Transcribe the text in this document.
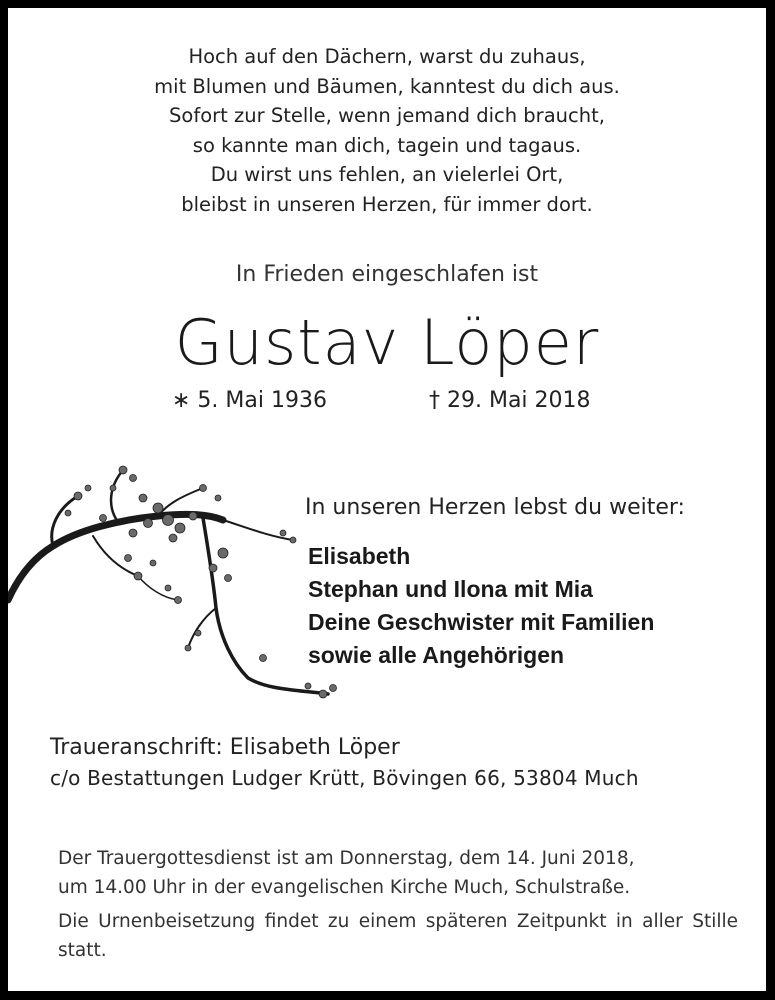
Hoch auf den Dächern, warst du zuhaus,
mit Blumen und Bäumen, kanntest du dich aus.
Sofort zur Stelle, wenn jemand dich braucht,
so kannte man dich, tagein und tagaus.
Du wirst uns fehlen, an vielerlei Ort,
bleibst in unseren Herzen, für immer dort.
In Frieden eingeschlafen ist
Gustav Löper
∗ 5. Mai 1936	† 29. Mai 2018
In unseren Herzen lebst du weiter:
Elisabeth
Stephan und Ilona mit Mia
Deine Geschwister mit Familien
sowie alle Angehörigen
Traueranschrift: Elisabeth Löper
c/o Bestattungen Ludger Krütt, Bövingen 66, 53804 Much
Der Trauergottesdienst ist am Donnerstag, dem 14. Juni 2018,
um 14.00 Uhr in der evangelischen Kirche Much, Schulstraße.
Die Urnenbeisetzung findet zu einem späteren Zeitpunkt in aller Stille statt.
